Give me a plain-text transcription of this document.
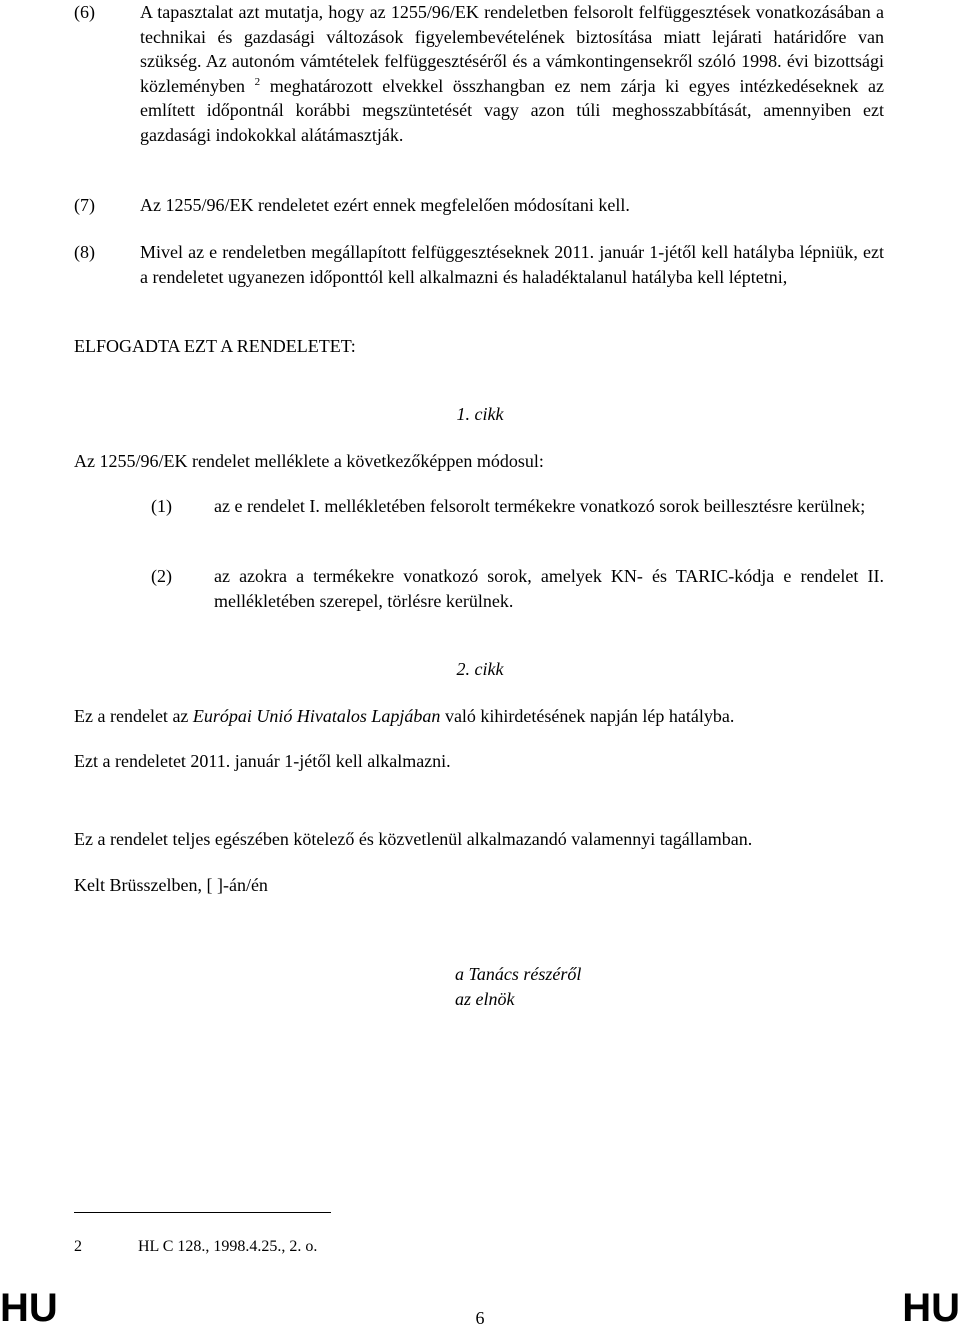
(6)	A tapasztalat azt mutatja, hogy az 1255/96/EK rendeletben felsorolt felfüggesztések vonatkozásában a technikai és gazdasági változások figyelembevételének biztosítása miatt lejárati határidőre van szükség. Az autonóm vámtételek felfüggesztéséről és a vámkontingensekről szóló 1998. évi bizottsági közleményben $^2$ meghatározott elvekkel összhangban ez nem zárja ki egyes intézkedéseknek az említett időpontnál korábbi megszüntetését vagy azon túli meghosszabbítását, amennyiben ezt gazdasági indokokkal alátámasztják.
(7)	Az 1255/96/EK rendeletet ezért ennek megfelelően módosítani kell.
(8)	Mivel az e rendeletben megállapított felfüggesztéseknek 2011. január 1-jétől kell hatályba lépniük, ezt a rendeletet ugyanezen időponttól kell alkalmazni és haladéktalanul hatályba kell léptetni,
ELFOGADTA EZT A RENDELETET:
1. cikk
Az 1255/96/EK rendelet melléklete a következőképpen módosul:
(1) az e rendelet I. mellékletében felsorolt termékekre vonatkozó sorok beillesztésre kerülnek;
(2) az azokra a termékekre vonatkozó sorok, amelyek KN- és TARIC-kódja e rendelet II. mellékletében szerepel, törlésre kerülnek.
2. cikk
Ez a rendelet az Európai Unió Hivatalos Lapjában való kihirdetésének napján lép hatályba.
Ezt a rendeletet 2011. január 1-jétől kell alkalmazni.
Ez a rendelet teljes egészében kötelező és közvetlenül alkalmazandó valamennyi tagállamban.
Kelt Brüsszelben, [ ]-án/én
a Tanács részéről
az elnök
2	HL C 128., 1998.4.25., 2. o.
HU	6	HU
